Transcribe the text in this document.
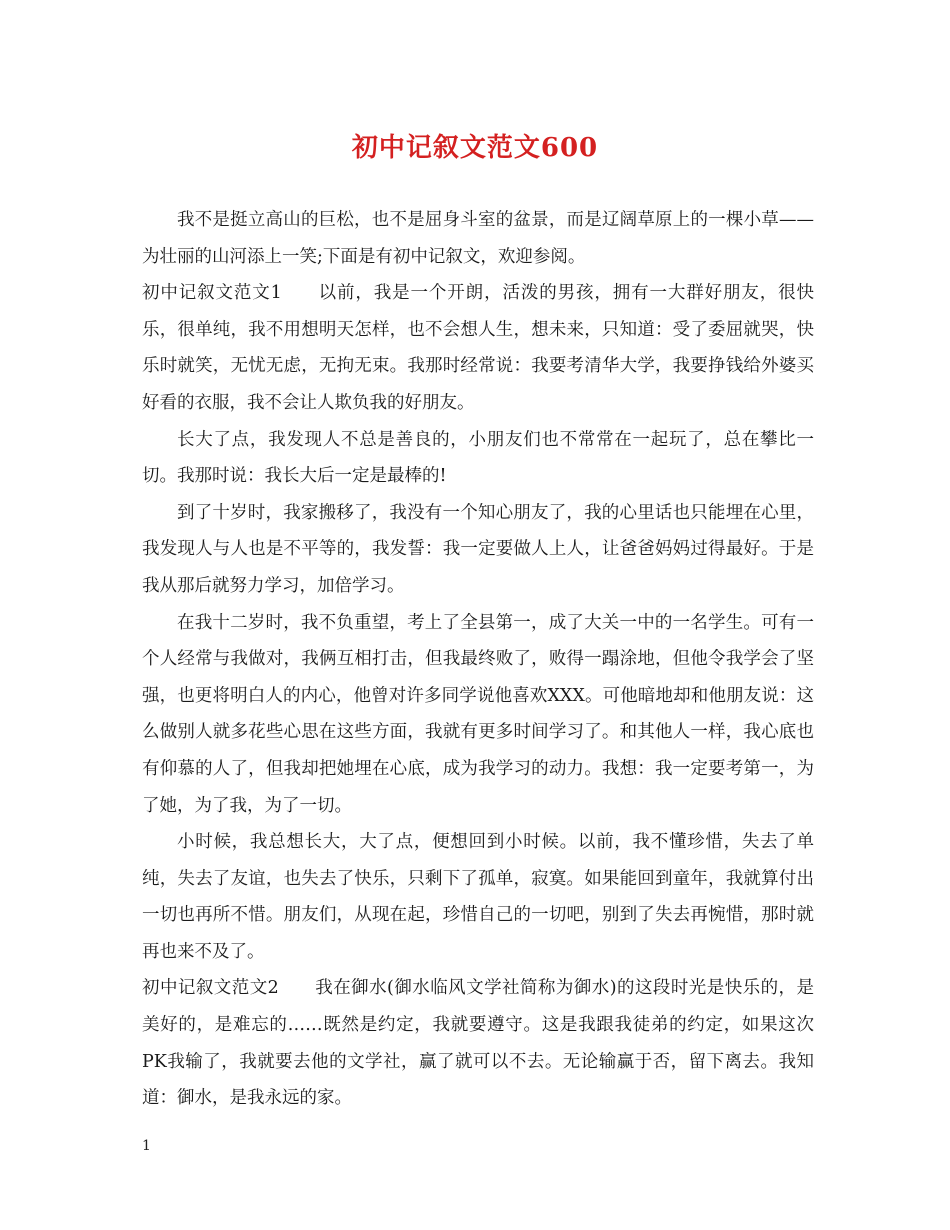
初中记叙文范文600

我不是挺立高山的巨松，也不是屈身斗室的盆景，而是辽阔草原上的一棵小草——为壮丽的山河添上一笑;下面是有初中记叙文，欢迎参阅。

初中记叙文范文1 以前，我是一个开朗，活泼的男孩，拥有一大群好朋友，很快乐，很单纯，我不用想明天怎样，也不会想人生，想未来，只知道：受了委屈就哭，快乐时就笑，无忧无虑，无拘无束。我那时经常说：我要考清华大学，我要挣钱给外婆买好看的衣服，我不会让人欺负我的好朋友。

长大了点，我发现人不总是善良的，小朋友们也不常常在一起玩了，总在攀比一切。我那时说：我长大后一定是最棒的!

到了十岁时，我家搬移了，我没有一个知心朋友了，我的心里话也只能埋在心里，我发现人与人也是不平等的，我发誓：我一定要做人上人，让爸爸妈妈过得最好。于是我从那后就努力学习，加倍学习。

在我十二岁时，我不负重望，考上了全县第一，成了大关一中的一名学生。可有一个人经常与我做对，我俩互相打击，但我最终败了，败得一蹋涂地，但他令我学会了坚强，也更将明白人的内心，他曾对许多同学说他喜欢XXX。可他暗地却和他朋友说：这么做别人就多花些心思在这些方面，我就有更多时间学习了。和其他人一样，我心底也有仰慕的人了，但我却把她埋在心底，成为我学习的动力。我想：我一定要考第一，为了她，为了我，为了一切。

小时候，我总想长大，大了点，便想回到小时候。以前，我不懂珍惜，失去了单纯，失去了友谊，也失去了快乐，只剩下了孤单，寂寞。如果能回到童年，我就算付出一切也再所不惜。朋友们，从现在起，珍惜自己的一切吧，别到了失去再惋惜，那时就再也来不及了。

初中记叙文范文2 我在御水(御水临风文学社简称为御水)的这段时光是快乐的，是美好的，是难忘的……既然是约定，我就要遵守。这是我跟我徒弟的约定，如果这次PK我输了，我就要去他的文学社，赢了就可以不去。无论输赢于否，留下离去。我知道：御水，是我永远的家。

1
